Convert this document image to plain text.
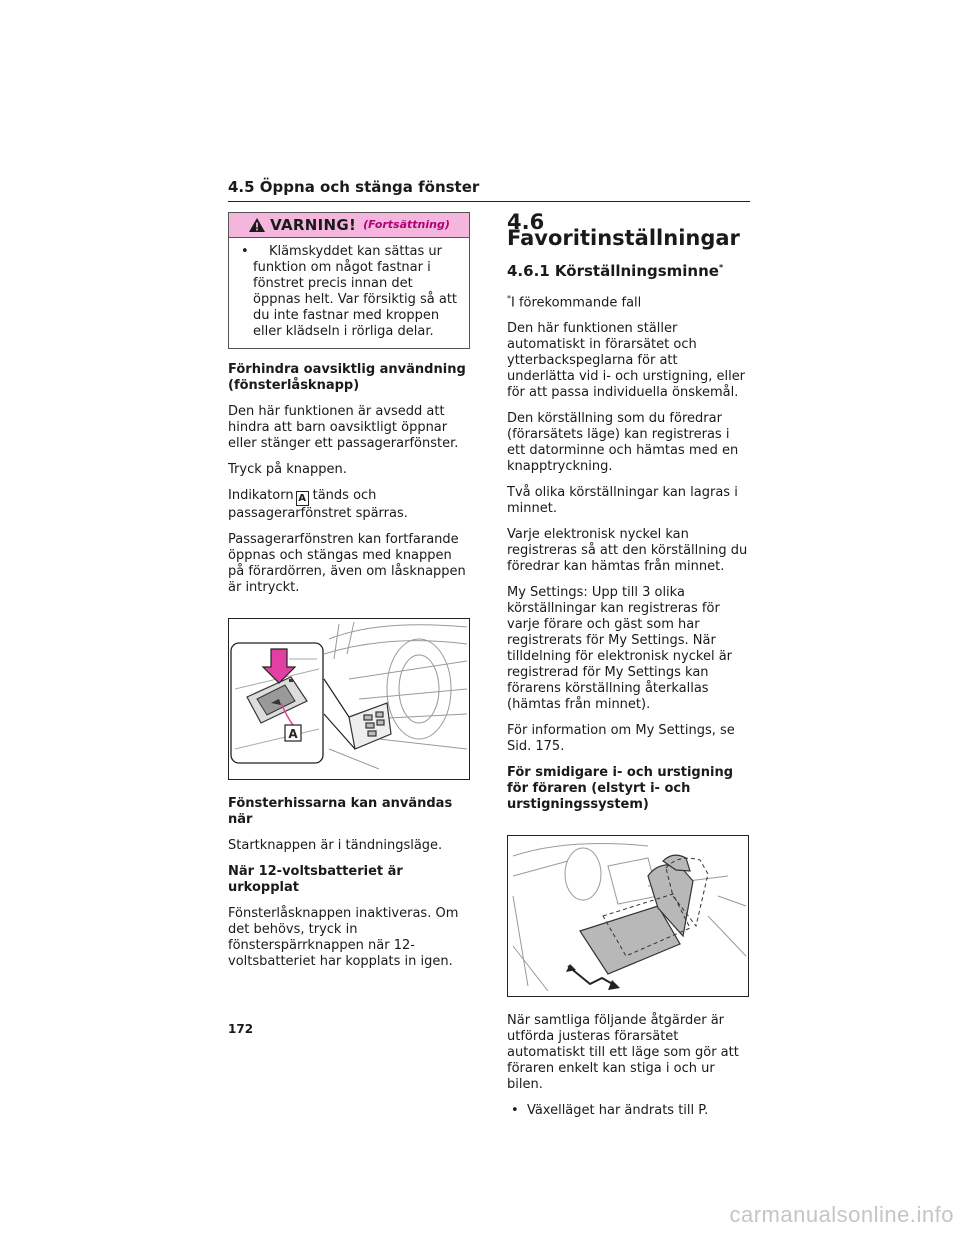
4.5 Öppna och stänga fönster
VARNING! (Fortsättning)
•  Klämskyddet kan sättas ur funktion om något fastnar i fönstret precis innan det öppnas helt. Var försiktig så att du inte fastnar med kroppen eller klädseln i rörliga delar.

Förhindra oavsiktlig användning (fönsterlåsknapp)

Den här funktionen är avsedd att hindra att barn oavsiktligt öppnar eller stänger ett passagerarfönster.

Tryck på knappen.

Indikatorn A tänds och passagerarfönstret spärras.

Passagerarfönstren kan fortfarande öppnas och stängas med knappen på förardörren, även om låsknappen är intryckt.

A

Fönsterhissarna kan användas när

Startknappen är i tändningsläge.

När 12-voltsbatteriet är urkopplat

Fönsterlåsknappen inaktiveras. Om det behövs, tryck in fönsterspärrknappen när 12-voltsbatteriet har kopplats in igen.

4.6 Favoritinställningar
4.6.1 Körställningsminne*

*I förekommande fall

Den här funktionen ställer automatiskt in förarsätet och ytterbackspeglarna för att underlätta vid i- och urstigning, eller för att passa individuella önskemål.

Den körställning som du föredrar (förarsätets läge) kan registreras i ett datorminne och hämtas med en knapptryckning.

Två olika körställningar kan lagras i minnet.

Varje elektronisk nyckel kan registreras så att den körställning du föredrar kan hämtas från minnet.

My Settings: Upp till 3 olika körställningar kan registreras för varje förare och gäst som har registrerats för My Settings. När tilldelning för elektronisk nyckel är registrerad för My Settings kan förarens körställning återkallas (hämtas från minnet).

För information om My Settings, se Sid. 175.

För smidigare i- och urstigning för föraren (elstyrt i- och urstigningssystem)

När samtliga följande åtgärder är utförda justeras förarsätet automatiskt till ett läge som gör att föraren enkelt kan stiga i och ur bilen.

•  Växelläget har ändrats till P.
172
carmanualsonline.info
